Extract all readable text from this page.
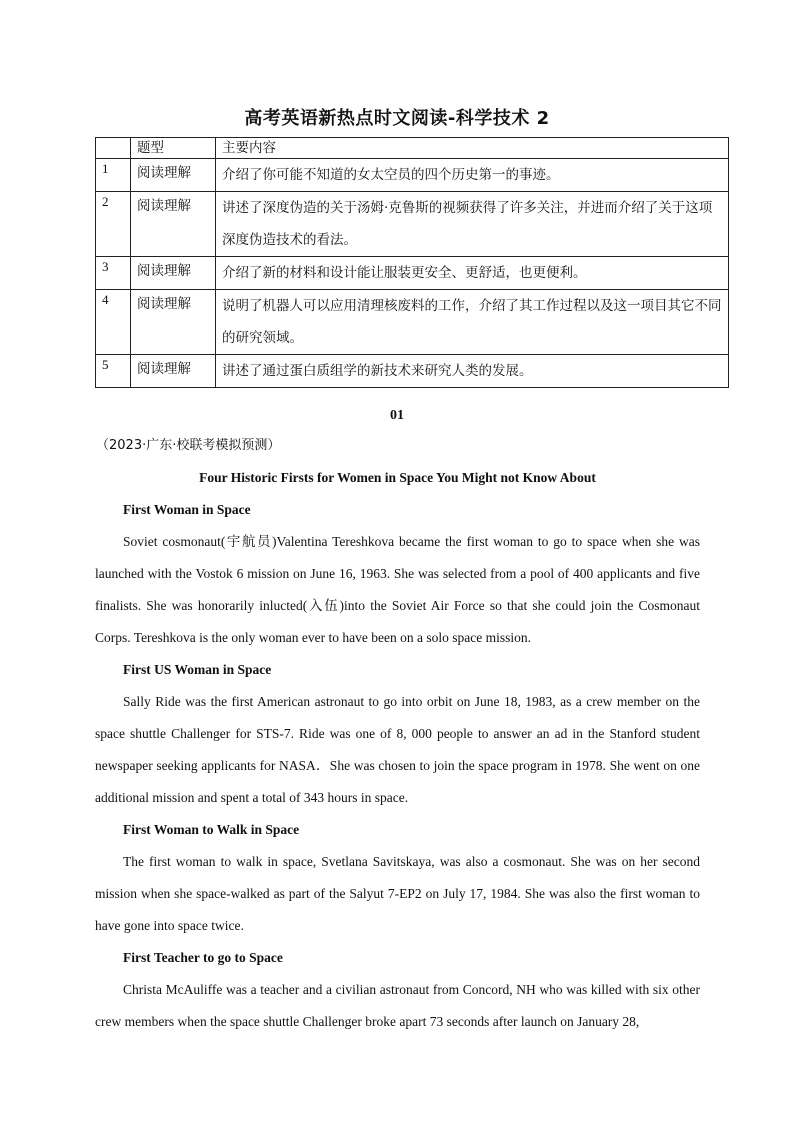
高考英语新热点时文阅读-科学技术 2
	题型	主要内容
1	阅读理解	介绍了你可能不知道的女太空员的四个历史第一的事迹。
2	阅读理解	讲述了深度伪造的关于汤姆·克鲁斯的视频获得了许多关注，并进而介绍了关于这项深度伪造技术的看法。
3	阅读理解	介绍了新的材料和设计能让服装更安全、更舒适，也更便利。
4	阅读理解	说明了机器人可以应用清理核废料的工作，介绍了其工作过程以及这一项目其它不同的研究领域。
5	阅读理解	讲述了通过蛋白质组学的新技术来研究人类的发展。
01
（2023·广东·校联考模拟预测）
Four Historic Firsts for Women in Space You Might not Know About
First Woman in Space

Soviet cosmonaut(宇航员)Valentina Tereshkova became the first woman to go to space when she was launched with the Vostok 6 mission on June 16, 1963. She was selected from a pool of 400 applicants and five finalists. She was honorarily inlucted(入伍)into the Soviet Air Force so that she could join the Cosmonaut Corps. Tereshkova is the only woman ever to have been on a solo space mission.

First US Woman in Space

Sally Ride was the first American astronaut to go into orbit on June 18, 1983, as a crew member on the space shuttle Challenger for STS-7. Ride was one of 8, 000 people to answer an ad in the Stanford student newspaper seeking applicants for NASA．She was chosen to join the space program in 1978. She went on one additional mission and spent a total of 343 hours in space.

First Woman to Walk in Space

The first woman to walk in space, Svetlana Savitskaya, was also a cosmonaut. She was on her second mission when she space-walked as part of the Salyut 7-EP2 on July 17, 1984. She was also the first woman to have gone into space twice.

First Teacher to go to Space

Christa McAuliffe was a teacher and a civilian astronaut from Concord, NH who was killed with six other crew members when the space shuttle Challenger broke apart 73 seconds after launch on January 28,
